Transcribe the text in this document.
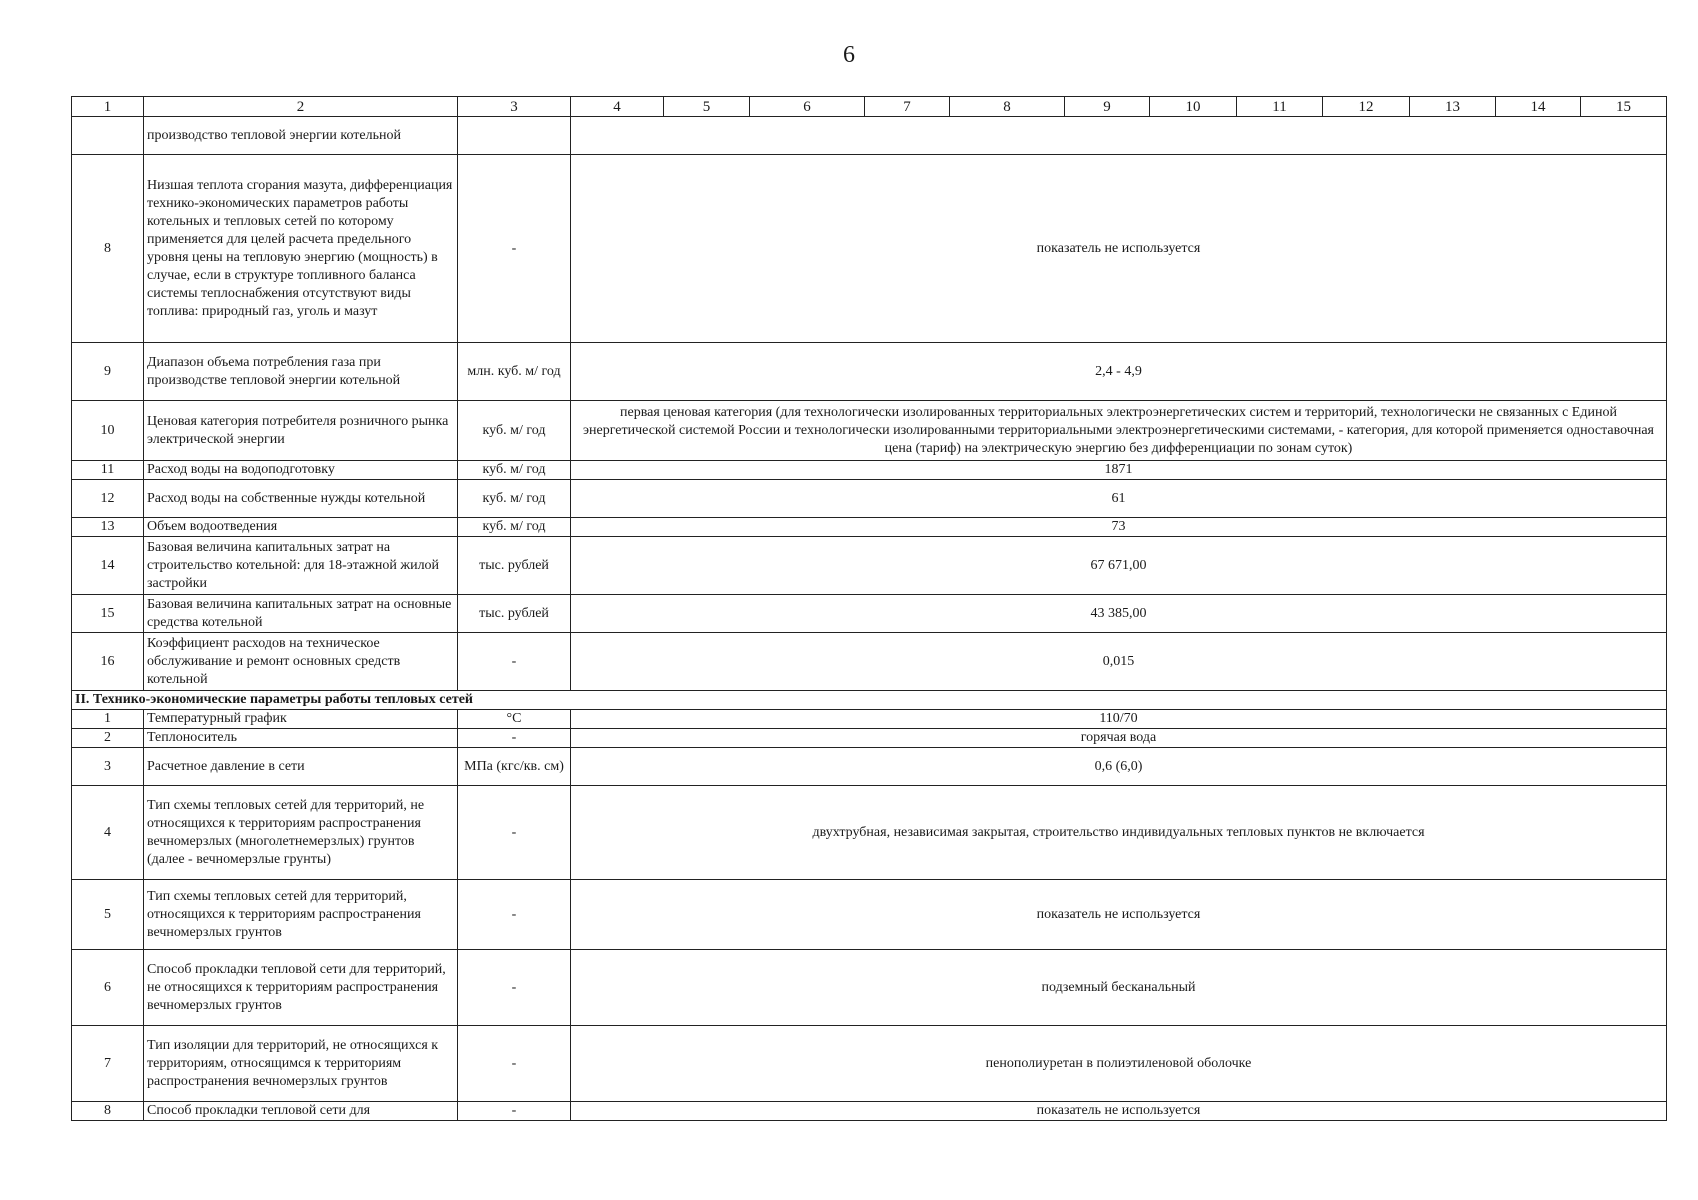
6
1	2	3	4	5	6	7	8	9	10	11	12	13	14	15
	производство тепловой энергии котельной													
8	Низшая теплота сгорания мазута, дифференциация технико-экономических параметров работы котельных и тепловых сетей по которому применяется для целей расчета предельного уровня цены на тепловую энергию (мощность) в случае, если в структуре топливного баланса системы теплоснабжения отсутствуют виды топлива: природный газ, уголь и мазут	-	показатель не используется											
9	Диапазон объема потребления газа при производстве тепловой энергии котельной	млн. куб. м/ год	2,4 - 4,9											
10	Ценовая категория потребителя розничного рынка электрической энергии	куб. м/ год	первая ценовая категория (для технологически изолированных территориальных электроэнергетических систем и территорий, технологически не связанных с Единой энергетической системой России и технологически изолированными территориальными электроэнергетическими системами, - категория, для которой применяется одноставочная цена (тариф) на электрическую энергию без дифференциации по зонам суток)											
11	Расход воды на водоподготовку	куб. м/ год	1871											
12	Расход воды на собственные нужды котельной	куб. м/ год	61											
13	Объем водоотведения	куб. м/ год	73											
14	Базовая величина капитальных затрат на строительство котельной: для 18-этажной жилой застройки	тыс. рублей	67 671,00											
15	Базовая величина капитальных затрат на основные средства котельной	тыс. рублей	43 385,00											
16	Коэффициент расходов на техническое обслуживание и ремонт основных средств котельной	-	0,015											
II. Технико-экономические параметры работы тепловых сетей														
1	Температурный график	°С	110/70											
2	Теплоноситель	-	горячая вода											
3	Расчетное давление в сети	МПа (кгс/кв. см)	0,6 (6,0)											
4	Тип схемы тепловых сетей для территорий, не относящихся к территориям распространения вечномерзлых (многолетнемерзлых) грунтов (далее - вечномерзлые грунты)	-	двухтрубная, независимая закрытая, строительство индивидуальных тепловых пунктов не включается											
5	Тип схемы тепловых сетей для территорий, относящихся к территориям распространения вечномерзлых грунтов	-	показатель не используется											
6	Способ прокладки тепловой сети для территорий, не относящихся к территориям распространения вечномерзлых грунтов	-	подземный бесканальный											
7	Тип изоляции для территорий, не относящихся к территориям, относящимся к территориям распространения вечномерзлых грунтов	-	пенополиуретан в полиэтиленовой оболочке											
8	Способ прокладки тепловой сети для	-	показатель не используется											
